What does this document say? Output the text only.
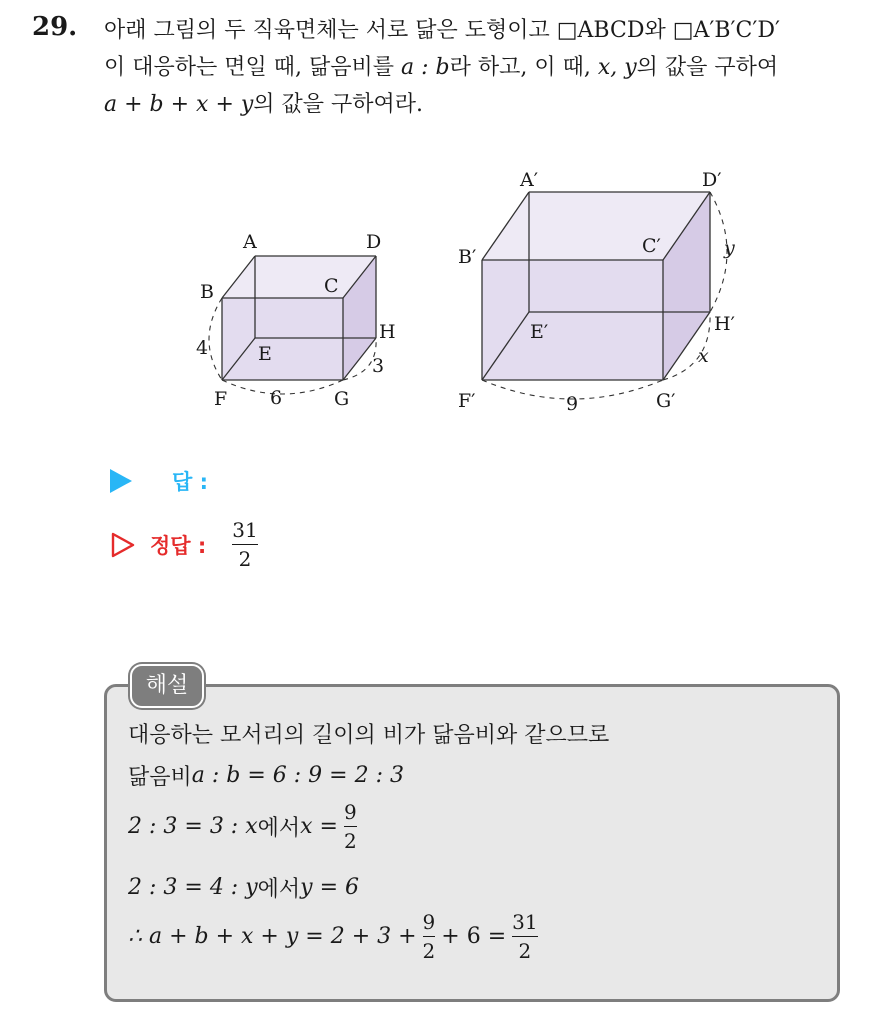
29. 아래 그림의 두 직육면체는 서로 닮은 도형이고 □ABCD와 □A′B′C′D′
이 대응하는 면일 때, 닮음비를 a : b라 하고, 이 때, x, y의 값을 구하여
a + b + x + y의 값을 구하여라.
A	D
B	C
E
H
F	G
4
6
3
A′	D′
B′	C′
E′	H′
F′	G′
9
y
x
답 :
정답 : $\frac{31}{2}$
해설
대응하는 모서리의 길이의 비가 닮음비와 같으므로
닮음비 a : b = 6 : 9 = 2 : 3
2 : 3 = 3 : x 에서 $x = \frac{9}{2}$
2 : 3 = 4 : y 에서 y = 6
∴ $a + b + x + y = 2 + 3 + \frac{9}{2} + 6 = \frac{31}{2}$
